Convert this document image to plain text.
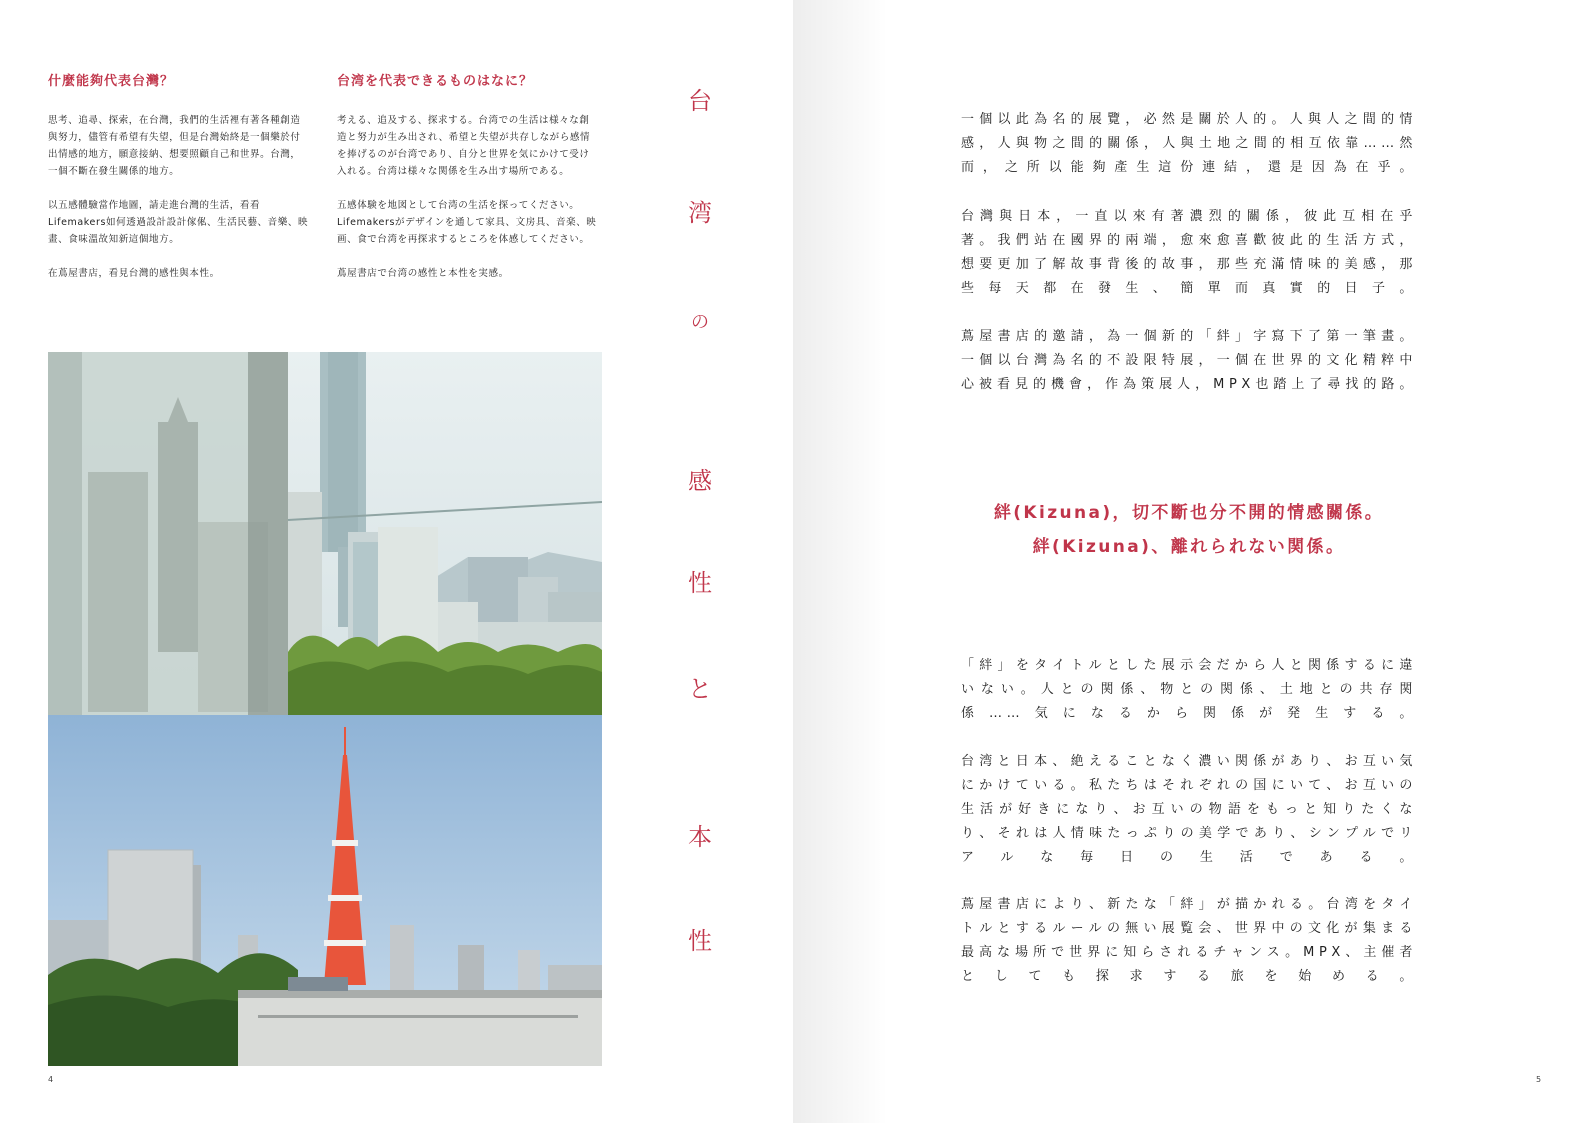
什麼能夠代表台灣？

思考、追尋、探索，在台灣，我們的生活裡有著各種創造與努力，儘管有希望有失望，但是台灣始終是一個樂於付出情感的地方，願意接納、想要照顧自己和世界。台灣，一個不斷在發生關係的地方。

以五感體驗當作地圖，請走進台灣的生活，看看Lifemakers如何透過設計設計傢俬、生活民藝、音樂、映畫、食味溫故知新這個地方。

在蔦屋書店，看見台灣的感性與本性。

台湾を代表できるものはなに？

考える、追及する、探求する。台湾での生活は様々な創造と努力が生み出され、希望と失望が共存しながら感情を捧げるのが台湾であり、自分と世界を気にかけて受け入れる。台湾は様々な関係を生み出す場所である。

五感体験を地図として台湾の生活を探ってください。Lifemakersがデザインを通して家具、文房具、音楽、映画、食で台湾を再探求するところを体感してください。

蔦屋書店で台湾の感性と本性を実感。

4
台
湾
の
感
性
と
本
性

一個以此為名的展覽，必然是關於人的。人與人之間的情感，人與物之間的關係，人與土地之間的相互依靠……然而，之所以能夠產生這份連結，還是因為在乎。

台灣與日本，一直以來有著濃烈的關係，彼此互相在乎著。我們站在國界的兩端，愈來愈喜歡彼此的生活方式，想要更加了解故事背後的故事，那些充滿情味的美感，那些每天都在發生、簡單而真實的日子。

蔦屋書店的邀請，為一個新的「絆」字寫下了第一筆畫。一個以台灣為名的不設限特展，一個在世界的文化精粹中心被看見的機會，作為策展人，MPX也踏上了尋找的路。

絆(Kizuna)，切不斷也分不開的情感關係。
絆(Kizuna)、離れられない関係。

「絆」をタイトルとした展示会だから人と関係するに違いない。人との関係、物との関係、土地との共存関係……気になるから関係が発生する。

台湾と日本、絶えることなく濃い関係があり、お互い気にかけている。私たちはそれぞれの国にいて、お互いの生活が好きになり、お互いの物語をもっと知りたくなり、それは人情味たっぷりの美学であり、シンプルでリアルな毎日の生活である。

蔦屋書店により、新たな「絆」が描かれる。台湾をタイトルとするルールの無い展覧会、世界中の文化が集まる最高な場所で世界に知らされるチャンス。MPX、主催者としても探求する旅を始める。

5
